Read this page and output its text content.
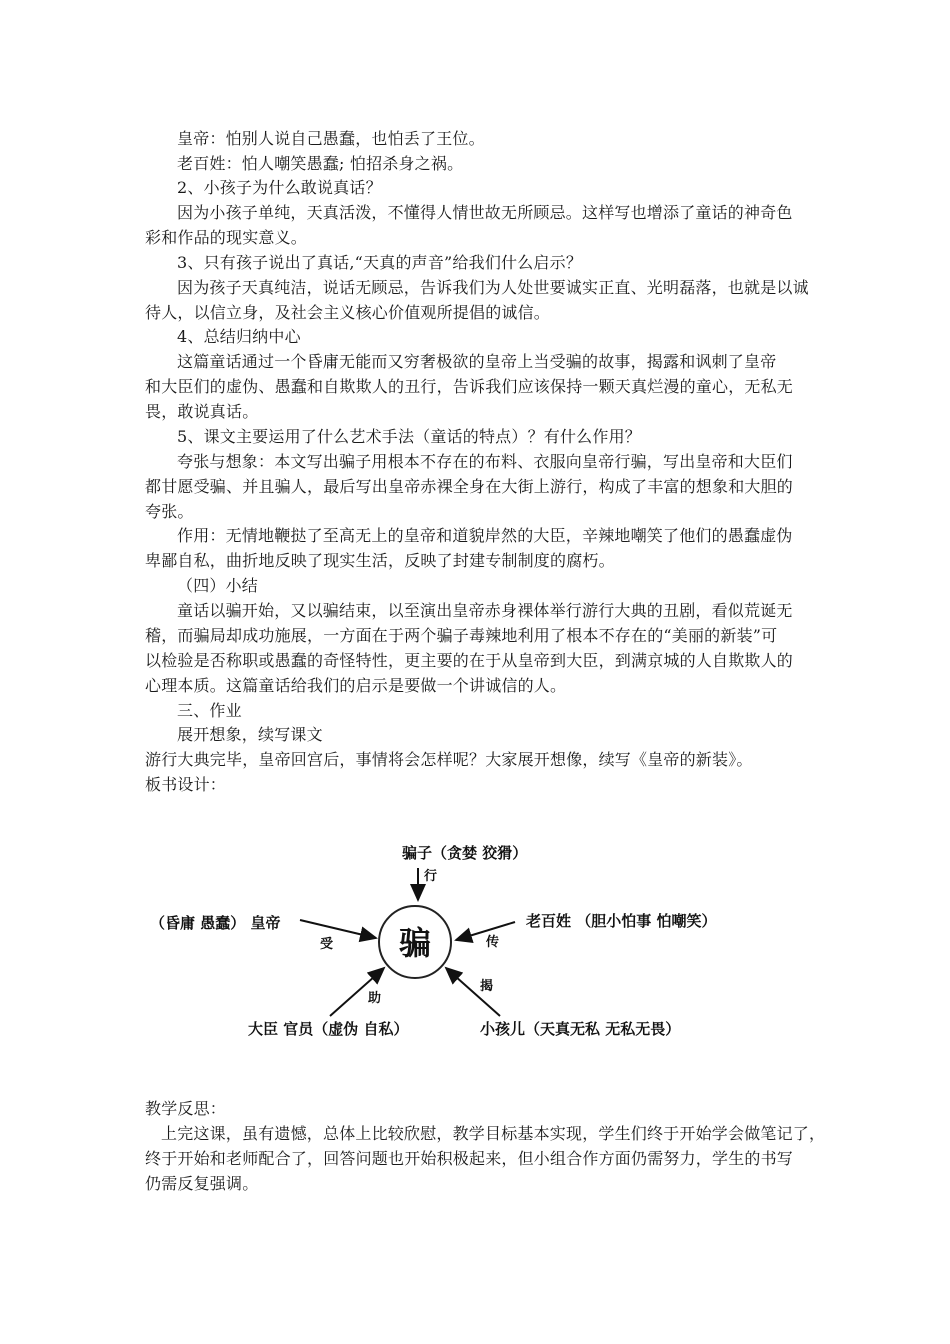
皇帝：怕别人说自己愚蠢，也怕丢了王位。
老百姓：怕人嘲笑愚蠢; 怕招杀身之祸。
2、小孩子为什么敢说真话？
因为小孩子单纯，天真活泼，不懂得人情世故无所顾忌。这样写也增添了童话的神奇色
彩和作品的现实意义。
3、只有孩子说出了真话,“天真的声音”给我们什么启示？
因为孩子天真纯洁，说话无顾忌，告诉我们为人处世要诚实正直、光明磊落，也就是以诚
待人，以信立身，及社会主义核心价值观所提倡的诚信。
4、总结归纳中心
这篇童话通过一个昏庸无能而又穷奢极欲的皇帝上当受骗的故事，揭露和讽刺了皇帝
和大臣们的虚伪、愚蠢和自欺欺人的丑行，告诉我们应该保持一颗天真烂漫的童心，无私无
畏，敢说真话。
5、课文主要运用了什么艺术手法（童话的特点）？有什么作用？
夸张与想象：本文写出骗子用根本不存在的布料、衣服向皇帝行骗，写出皇帝和大臣们
都甘愿受骗、并且骗人，最后写出皇帝赤裸全身在大街上游行，构成了丰富的想象和大胆的
夸张。
作用：无情地鞭挞了至高无上的皇帝和道貌岸然的大臣，辛辣地嘲笑了他们的愚蠢虚伪
卑鄙自私，曲折地反映了现实生活，反映了封建专制制度的腐朽。
（四）小结
童话以骗开始，又以骗结束，以至演出皇帝赤身裸体举行游行大典的丑剧，看似荒诞无
稽，而骗局却成功施展，一方面在于两个骗子毒辣地利用了根本不存在的“美丽的新装”可
以检验是否称职或愚蠢的奇怪特性，更主要的在于从皇帝到大臣，到满京城的人自欺欺人的
心理本质。这篇童话给我们的启示是要做一个讲诚信的人。
三、作业
展开想象，续写课文
游行大典完毕，皇帝回宫后，事情将会怎样呢？大家展开想像，续写《皇帝的新装》。
板书设计：
骗
骗子（贪婪 狡猾）
行
（昏庸 愚蠢） 皇帝
受
老百姓 （胆小怕事 怕嘲笑）
传
大臣 官员（虚伪 自私）
助
小孩儿（天真无私 无私无畏）
揭
教学反思：
上完这课，虽有遗憾，总体上比较欣慰，教学目标基本实现，学生们终于开始学会做笔记了，
终于开始和老师配合了，回答问题也开始积极起来，但小组合作方面仍需努力，学生的书写
仍需反复强调。
